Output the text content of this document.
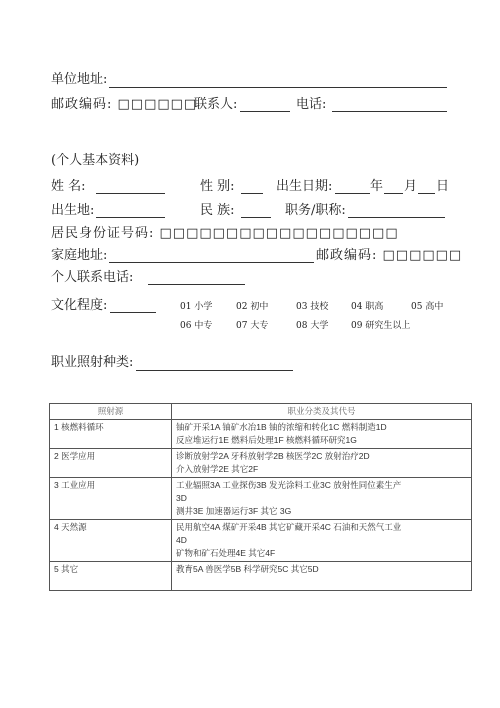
单位地址:
邮政编码: □□□□□□
联系人:	电话:
(个人基本资料)
姓 名:	性 别:	出生日期:	年 月 日
出生地:	民 族:	职务/职称:
居民身份证号码: □□□□□□□□□□□□□□□□□□
家庭地址:	邮政编码: □□□□□□
个人联系电话:
文化程度:	01 小学	02 初中	03 技校	04 职高	05 高中
06 中专	07 大专	08 大学	09 研究生以上
职业照射种类:
照射源	职业分类及其代号
1 核燃料循环	铀矿开采1A 铀矿水冶1B 铀的浓缩和转化1C 燃料制造1D
反应堆运行1E 燃料后处理1F 核燃料循环研究1G

2 医学应用	诊断放射学2A 牙科放射学2B 核医学2C 放射治疗2D
介入放射学2E 其它2F

3 工业应用	工业辐照3A 工业探伤3B 发光涂料工业3C 放射性同位素生产
3D
测井3E 加速器运行3F 其它 3G

4 天然源	民用航空4A 煤矿开采4B 其它矿藏开采4C 石油和天然气工业
4D
矿物和矿石处理4E 其它4F

5 其它	教育5A 兽医学5B 科学研究5C 其它5D
